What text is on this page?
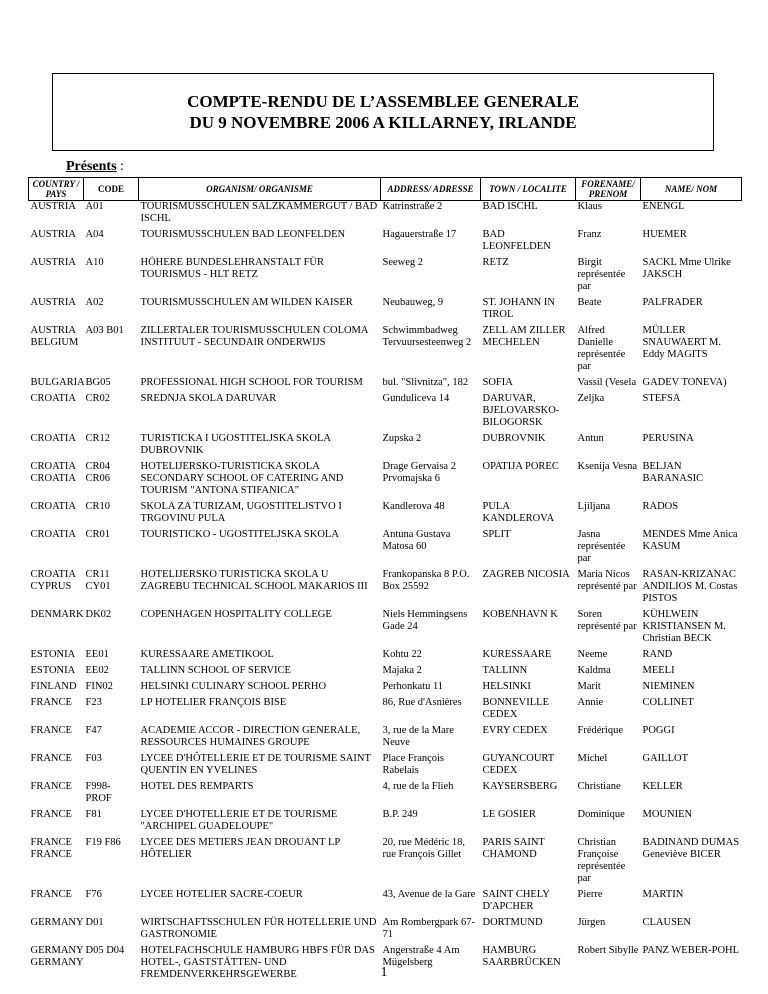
COMPTE-RENDU DE L’ASSEMBLEE GENERALE
DU 9 NOVEMBRE 2006 A KILLARNEY, IRLANDE
Présents :
COUNTRY / PAYS	CODE	ORGANISM/ ORGANISME	ADDRESS/ ADRESSE	TOWN / LOCALITE	FORENAME/ PRENOM	NAME/ NOM
AUSTRIA	A01	TOURISMUSSCHULEN SALZKAMMERGUT / BAD ISCHL	Katrinstraße 2	BAD ISCHL	Klaus	ENENGL
AUSTRIA	A04	TOURISMUSSCHULEN BAD LEONFELDEN	Hagauerstraße 17	BAD LEONFELDEN	Franz	HUEMER
AUSTRIA	A10	HÖHERE BUNDESLEHRANSTALT FÜR TOURISMUS - HLT RETZ	Seeweg 2	RETZ	Birgit représentée par	SACKL Mme Ulrike JAKSCH
AUSTRIA	A02	TOURISMUSSCHULEN AM WILDEN KAISER	Neubauweg, 9	ST. JOHANN IN TIROL	Beate	PALFRADER
AUSTRIA BELGIUM	A03 B01	ZILLERTALER TOURISMUSSCHULEN COLOMA INSTITUUT - SECUNDAIR ONDERWIJS	Schwimmbadweg Tervuursesteenweg 2	ZELL AM ZILLER MECHELEN	Alfred Danielle représentée par	MÜLLER SNAUWAERT M. Eddy MAGITS
BULGARIA	BG05	PROFESSIONAL HIGH SCHOOL FOR TOURISM	bul. "Slivnitza", 182	SOFIA	Vassil (Vesela	GADEV TONEVA)
CROATIA	CR02	SREDNJA SKOLA DARUVAR	Gunduliceva 14	DARUVAR, BJELOVARSKO-BILOGORSK	Zeljka	STEFSA
CROATIA	CR12	TURISTICKA I UGOSTITELJSKA SKOLA DUBROVNIK	Zupska 2	DUBROVNIK	Antun	PERUSINA
CROATIA CROATIA	CR04 CR06	HOTELIJERSKO-TURISTICKA SKOLA SECONDARY SCHOOL OF CATERING AND TOURISM "ANTONA STIFANICA"	Drage Gervaisa 2 Prvomajska 6	OPATIJA POREC	Ksenija Vesna	BELJAN BARANASIC
CROATIA	CR10	SKOLA ZA TURIZAM, UGOSTITELJSTVO I TRGOVINU PULA	Kandlerova 48	PULA KANDLEROVA	Ljiljana	RADOS
CROATIA	CR01	TOURISTICKO - UGOSTITELJSKA SKOLA	Antuna Gustava Matosa 60	SPLIT	Jasna représentée par	MENDES Mme Anica KASUM
CROATIA CYPRUS	CR11 CY01	HOTELIJERSKO TURISTICKA SKOLA U ZAGREBU TECHNICAL SCHOOL MAKARIOS III	Frankopanska 8 P.O. Box 25592	ZAGREB NICOSIA	Maria Nicos représenté par	RASAN-KRIZANAC ANDILIOS M. Costas PISTOS
DENMARK	DK02	COPENHAGEN HOSPITALITY COLLEGE	Niels Hemmingsens Gade 24	KOBENHAVN K	Soren représenté par	KÜHLWEIN KRISTIANSEN M. Christian BECK
ESTONIA	EE01	KURESSAARE AMETIKOOL	Kohtu 22	KURESSAARE	Neeme	RAND
ESTONIA	EE02	TALLINN SCHOOL OF SERVICE	Majaka 2	TALLINN	Kaldma	MEELI
FINLAND	FIN02	HELSINKI CULINARY SCHOOL PERHO	Perhonkatu 11	HELSINKI	Marit	NIEMINEN
FRANCE	F23	LP HOTELIER FRANÇOIS BISE	86, Rue d'Asnières	BONNEVILLE CEDEX	Annie	COLLINET
FRANCE	F47	ACADEMIE ACCOR - DIRECTION GENERALE, RESSOURCES HUMAINES GROUPE	3, rue de la Mare Neuve	EVRY CEDEX	Frédérique	POGGI
FRANCE	F03	LYCEE D'HÔTELLERIE ET DE TOURISME SAINT QUENTIN EN YVELINES	Place François Rabelais	GUYANCOURT CEDEX	Michel	GAILLOT
FRANCE	F998-PROF	HOTEL DES REMPARTS	4, rue de la Flieh	KAYSERSBERG	Christiane	KELLER
FRANCE	F81	LYCEE D'HOTELLERIE ET DE TOURISME "ARCHIPEL GUADELOUPE"	B.P. 249	LE GOSIER	Dominique	MOUNIEN
FRANCE FRANCE	F19 F86	LYCEE DES METIERS JEAN DROUANT LP HÔTELIER	20, rue Médéric 18, rue François Gillet	PARIS SAINT CHAMOND	Christian Françoise représentée par	BADINAND DUMAS Geneviève BICER
FRANCE	F76	LYCEE HOTELIER SACRE-COEUR	43, Avenue de la Gare	SAINT CHELY D'APCHER	Pierre	MARTIN
GERMANY	D01	WIRTSCHAFTSSCHULEN FÜR HOTELLERIE UND GASTRONOMIE	Am Rombergpark 67-71	DORTMUND	Jürgen	CLAUSEN
GERMANY GERMANY	D05 D04	HOTELFACHSCHULE HAMBURG HBFS FÜR DAS HOTEL-, GASTSTÄTTEN- UND FREMDENVERKEHRSGEWERBE	Angerstraße 4 Am Mügelsberg	HAMBURG SAARBRÜCKEN	Robert Sibylle	PANZ WEBER-POHL
1
